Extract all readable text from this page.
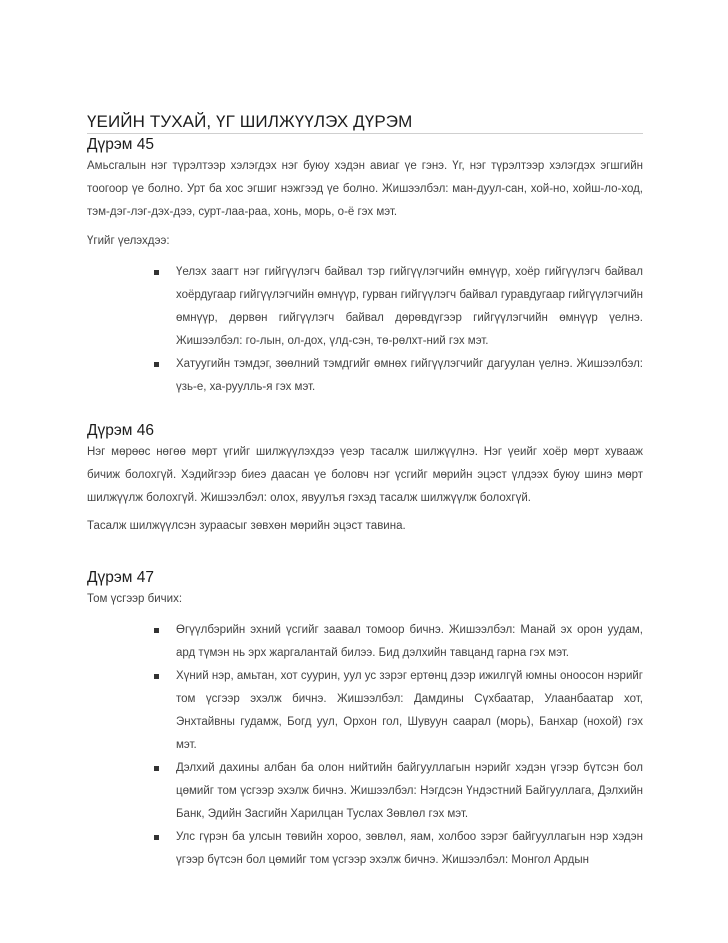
ҮЕИЙН ТУХАЙ, ҮГ ШИЛЖҮҮЛЭХ ДҮРЭМ
Дүрэм 45

Амьсгалын нэг түрэлтээр хэлэгдэх нэг буюу хэдэн авиаг үе гэнэ. Үг, нэг түрэлтээр хэлэгдэх эгшгийн тоогоор үе болно. Урт ба хос эгшиг нэжгээд үе болно. Жишээлбэл: ман-дуул-сан, хой-но, хойш-ло-ход, тэм-дэг-лэг-дэх-дээ, сурт-лаа-раа, хонь, морь, о-ё гэх мэт.

Үгийг үелэхдээ:

Үелэх заагт нэг гийгүүлэгч байвал тэр гийгүүлэгчийн өмнүүр, хоёр гийгүүлэгч байвал хоёрдугаар гийгүүлэгчийн өмнүүр, гурван гийгүүлэгч байвал гуравдугаар гийгүүлэгчийн өмнүүр, дөрвөн гийгүүлэгч байвал дөрөвдүгээр гийгүүлэгчийн өмнүүр үелнэ. Жишээлбэл: го-лын, ол-дох, үлд-сэн, тө-рөлхт-ний гэх мэт.
Хатуугийн тэмдэг, зөөлний тэмдгийг өмнөх гийгүүлэгчийг дагуулан үелнэ. Жишээлбэл: үзь-е, ха-руулль-я гэх мэт.
Дүрэм 46

Нэг мөрөөс нөгөө мөрт үгийг шилжүүлэхдээ үеэр тасалж шилжүүлнэ. Нэг үеийг хоёр мөрт хувааж бичиж болохгүй. Хэдийгээр биеэ даасан үе боловч нэг үсгийг мөрийн эцэст үлдээх буюу шинэ мөрт шилжүүлж болохгүй. Жишээлбэл: олох, явуулъя гэхэд тасалж шилжүүлж болохгүй.

Тасалж шилжүүлсэн зураасыг зөвхөн мөрийн эцэст тавина.

Дүрэм 47

Том үсгээр бичих:

Өгүүлбэрийн эхний үсгийг заавал томоор бичнэ. Жишээлбэл: Манай эх орон уудам, ард түмэн нь эрх жаргалантай билээ. Бид дэлхийн тавцанд гарна гэх мэт.
Хүний нэр, амьтан, хот суурин, уул ус зэрэг ертөнц дээр ижилгүй юмны оноосон нэрийг том үсгээр эхэлж бичнэ. Жишээлбэл: Дамдины Сүхбаатар, Улаанбаатар хот, Энхтайвны гудамж, Богд уул, Орхон гол, Шувуун саарал (морь), Банхар (нохой) гэх мэт.
Дэлхий дахины албан ба олон нийтийн байгууллагын нэрийг хэдэн үгээр бүтсэн бол цөмийг том үсгээр эхэлж бичнэ. Жишээлбэл: Нэгдсэн Үндэстний Байгууллага, Дэлхийн Банк, Эдийн Засгийн Харилцан Туслах Зөвлөл гэх мэт.
Улс гүрэн ба улсын төвийн хороо, зөвлөл, яам, холбоо зэрэг байгууллагын нэр хэдэн үгээр бүтсэн бол цөмийг том үсгээр эхэлж бичнэ. Жишээлбэл: Монгол Ардын
